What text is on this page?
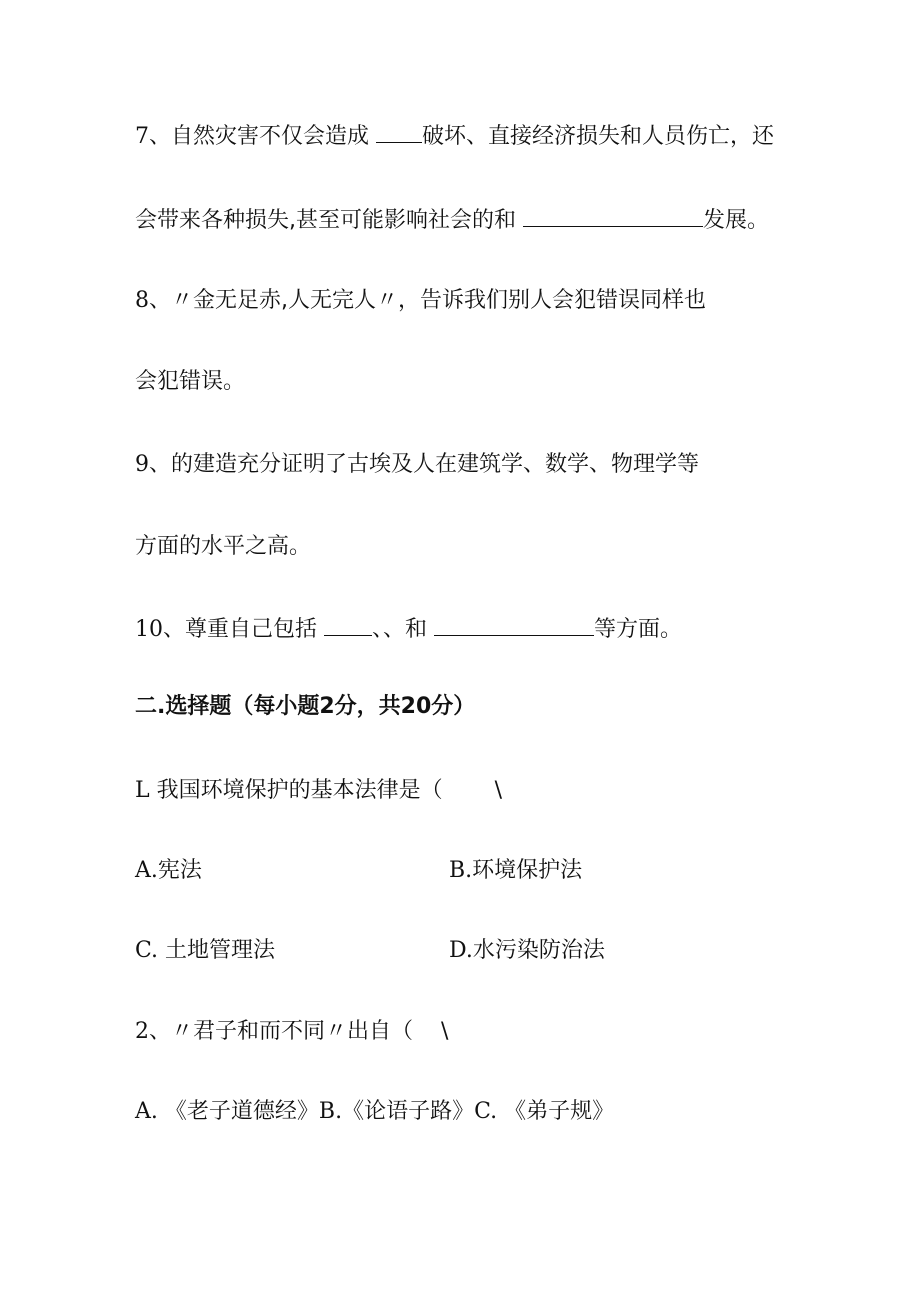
7、自然灾害不仅会造成 破坏、直接经济损失和人员伤亡，还
会带来各种损失,甚至可能影响社会的和	发展。
8、〃金无足赤,人无完人〃，告诉我们别人会犯错误同样也
会犯错误。
9、的建造充分证明了古埃及人在建筑学、数学、物理学等
方面的水平之高。
10、尊重自己包括	、、和	等方面。
二.选择题（每小题2分，共20分）
L 我国环境保护的基本法律是（ \
A.宪法	B.环境保护法
C. 土地管理法	D.水污染防治法
2、〃君子和而不同〃出自（ \
A. 《老子道德经》B.《论语子路》C. 《弟子规》
